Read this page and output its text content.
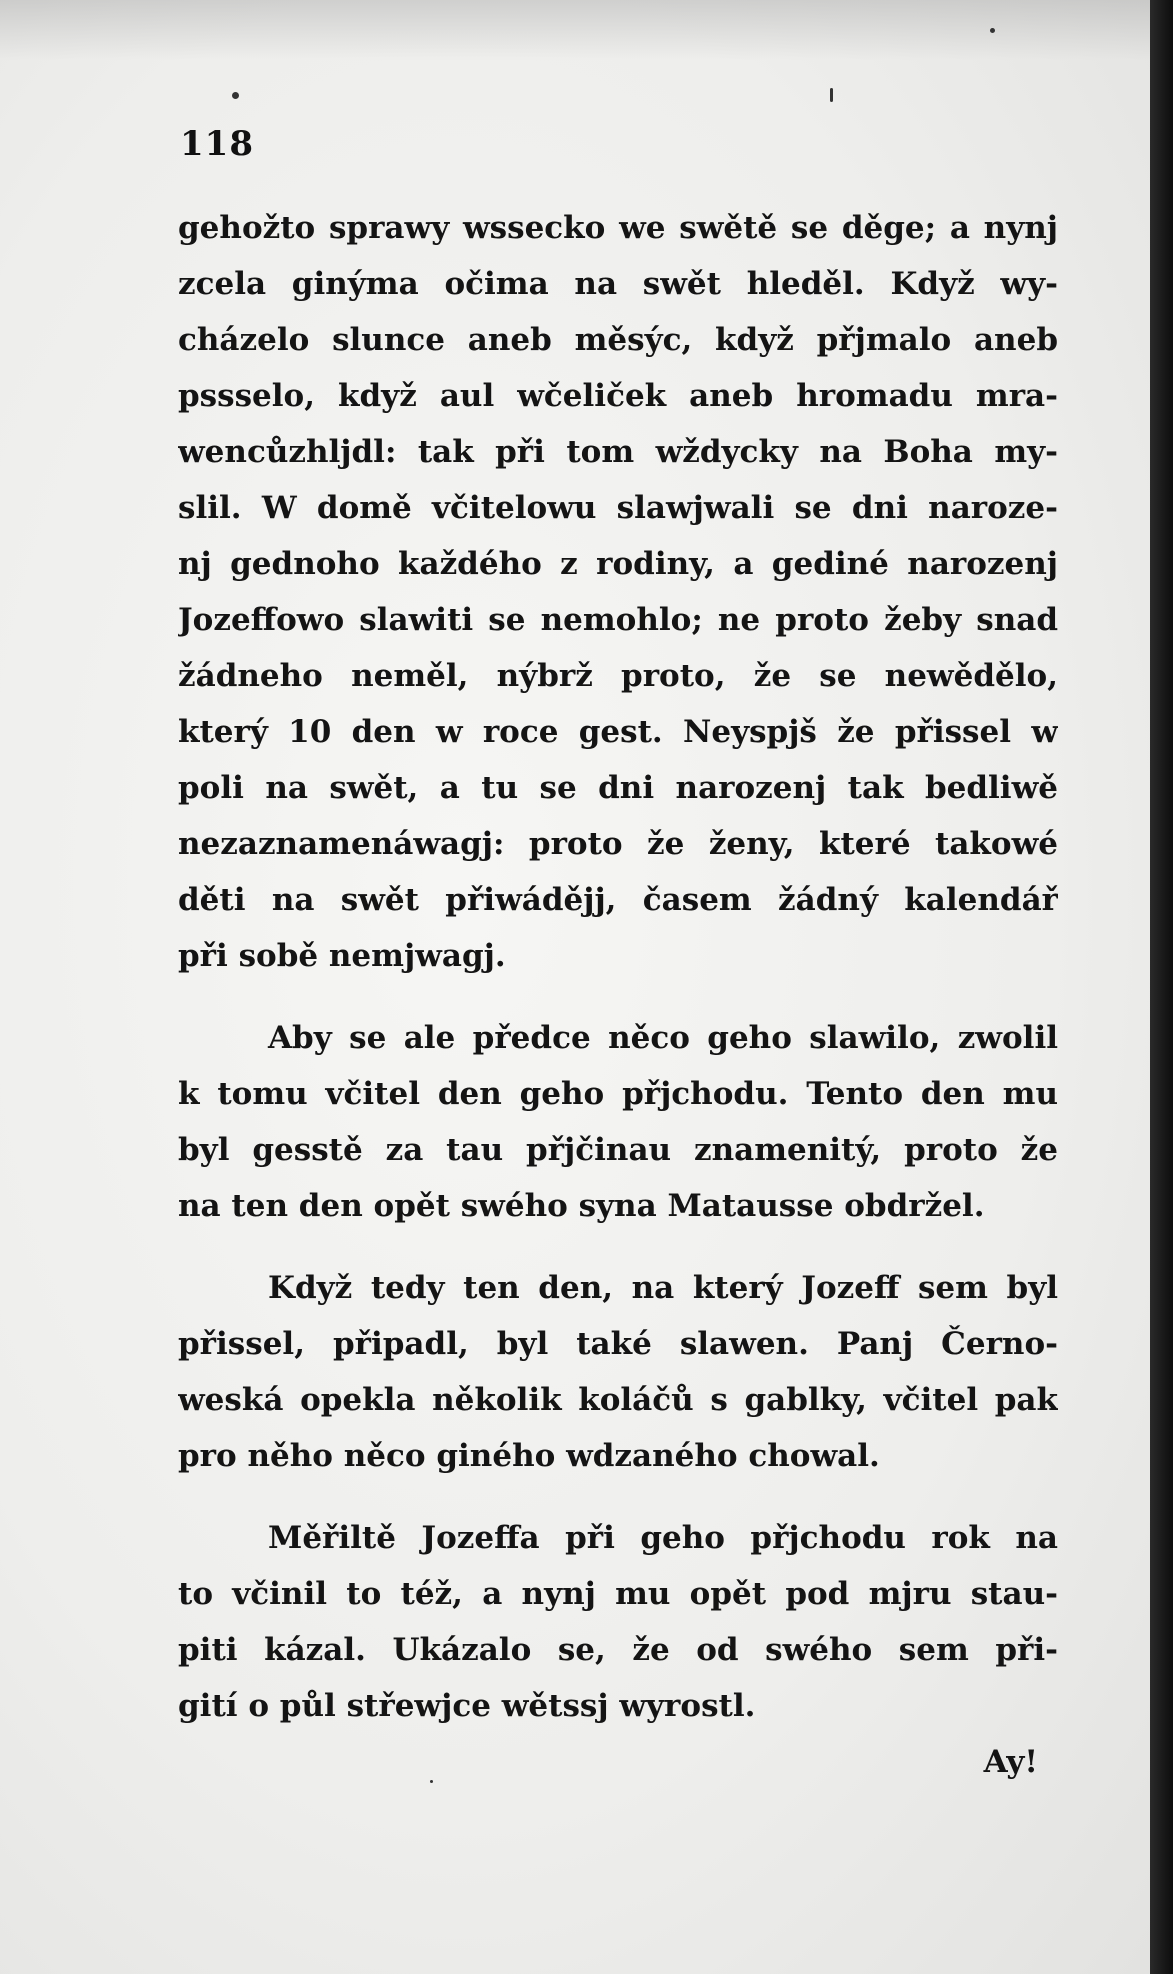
118
gehožto sprawy wssecko we swětě se děge; a nynj
zcela ginýma očima na swět hleděl. Když wy-
cházelo slunce aneb měsýc, když přjmalo aneb
pssselo, když aul wčeliček aneb hromadu mra-
wencůzhljdl: tak při tom wždycky na Boha my-
slil. W domě včitelowu slawjwali se dni naroze-
nj gednoho každého z rodiny, a gediné narozenj
Jozeffowo slawiti se nemohlo; ne proto žeby snad
žádneho neměl, nýbrž proto, že se newědělo,
který 10 den w roce gest. Neyspjš že přissel w
poli na swět, a tu se dni narozenj tak bedliwě
nezaznamenáwagj: proto že ženy, které takowé
děti na swět přiwádějj, časem žádný kalendář
při sobě nemjwagj.
Aby se ale předce něco geho slawilo, zwolil
k tomu včitel den geho přjchodu. Tento den mu
byl gesstě za tau přjčinau znamenitý, proto že
na ten den opět swého syna Matausse obdržel.
Když tedy ten den, na který Jozeff sem byl
přissel, připadl, byl také slawen. Panj Černo-
weská opekla několik koláčů s gablky, včitel pak
pro něho něco giného wdzaného chowal.
Měřiltě Jozeffa při geho přjchodu rok na
to včinil to též, a nynj mu opět pod mjru stau-
piti kázal. Ukázalo se, že od swého sem při-
gití o půl střewjce wětssj wyrostl.
Ay!
